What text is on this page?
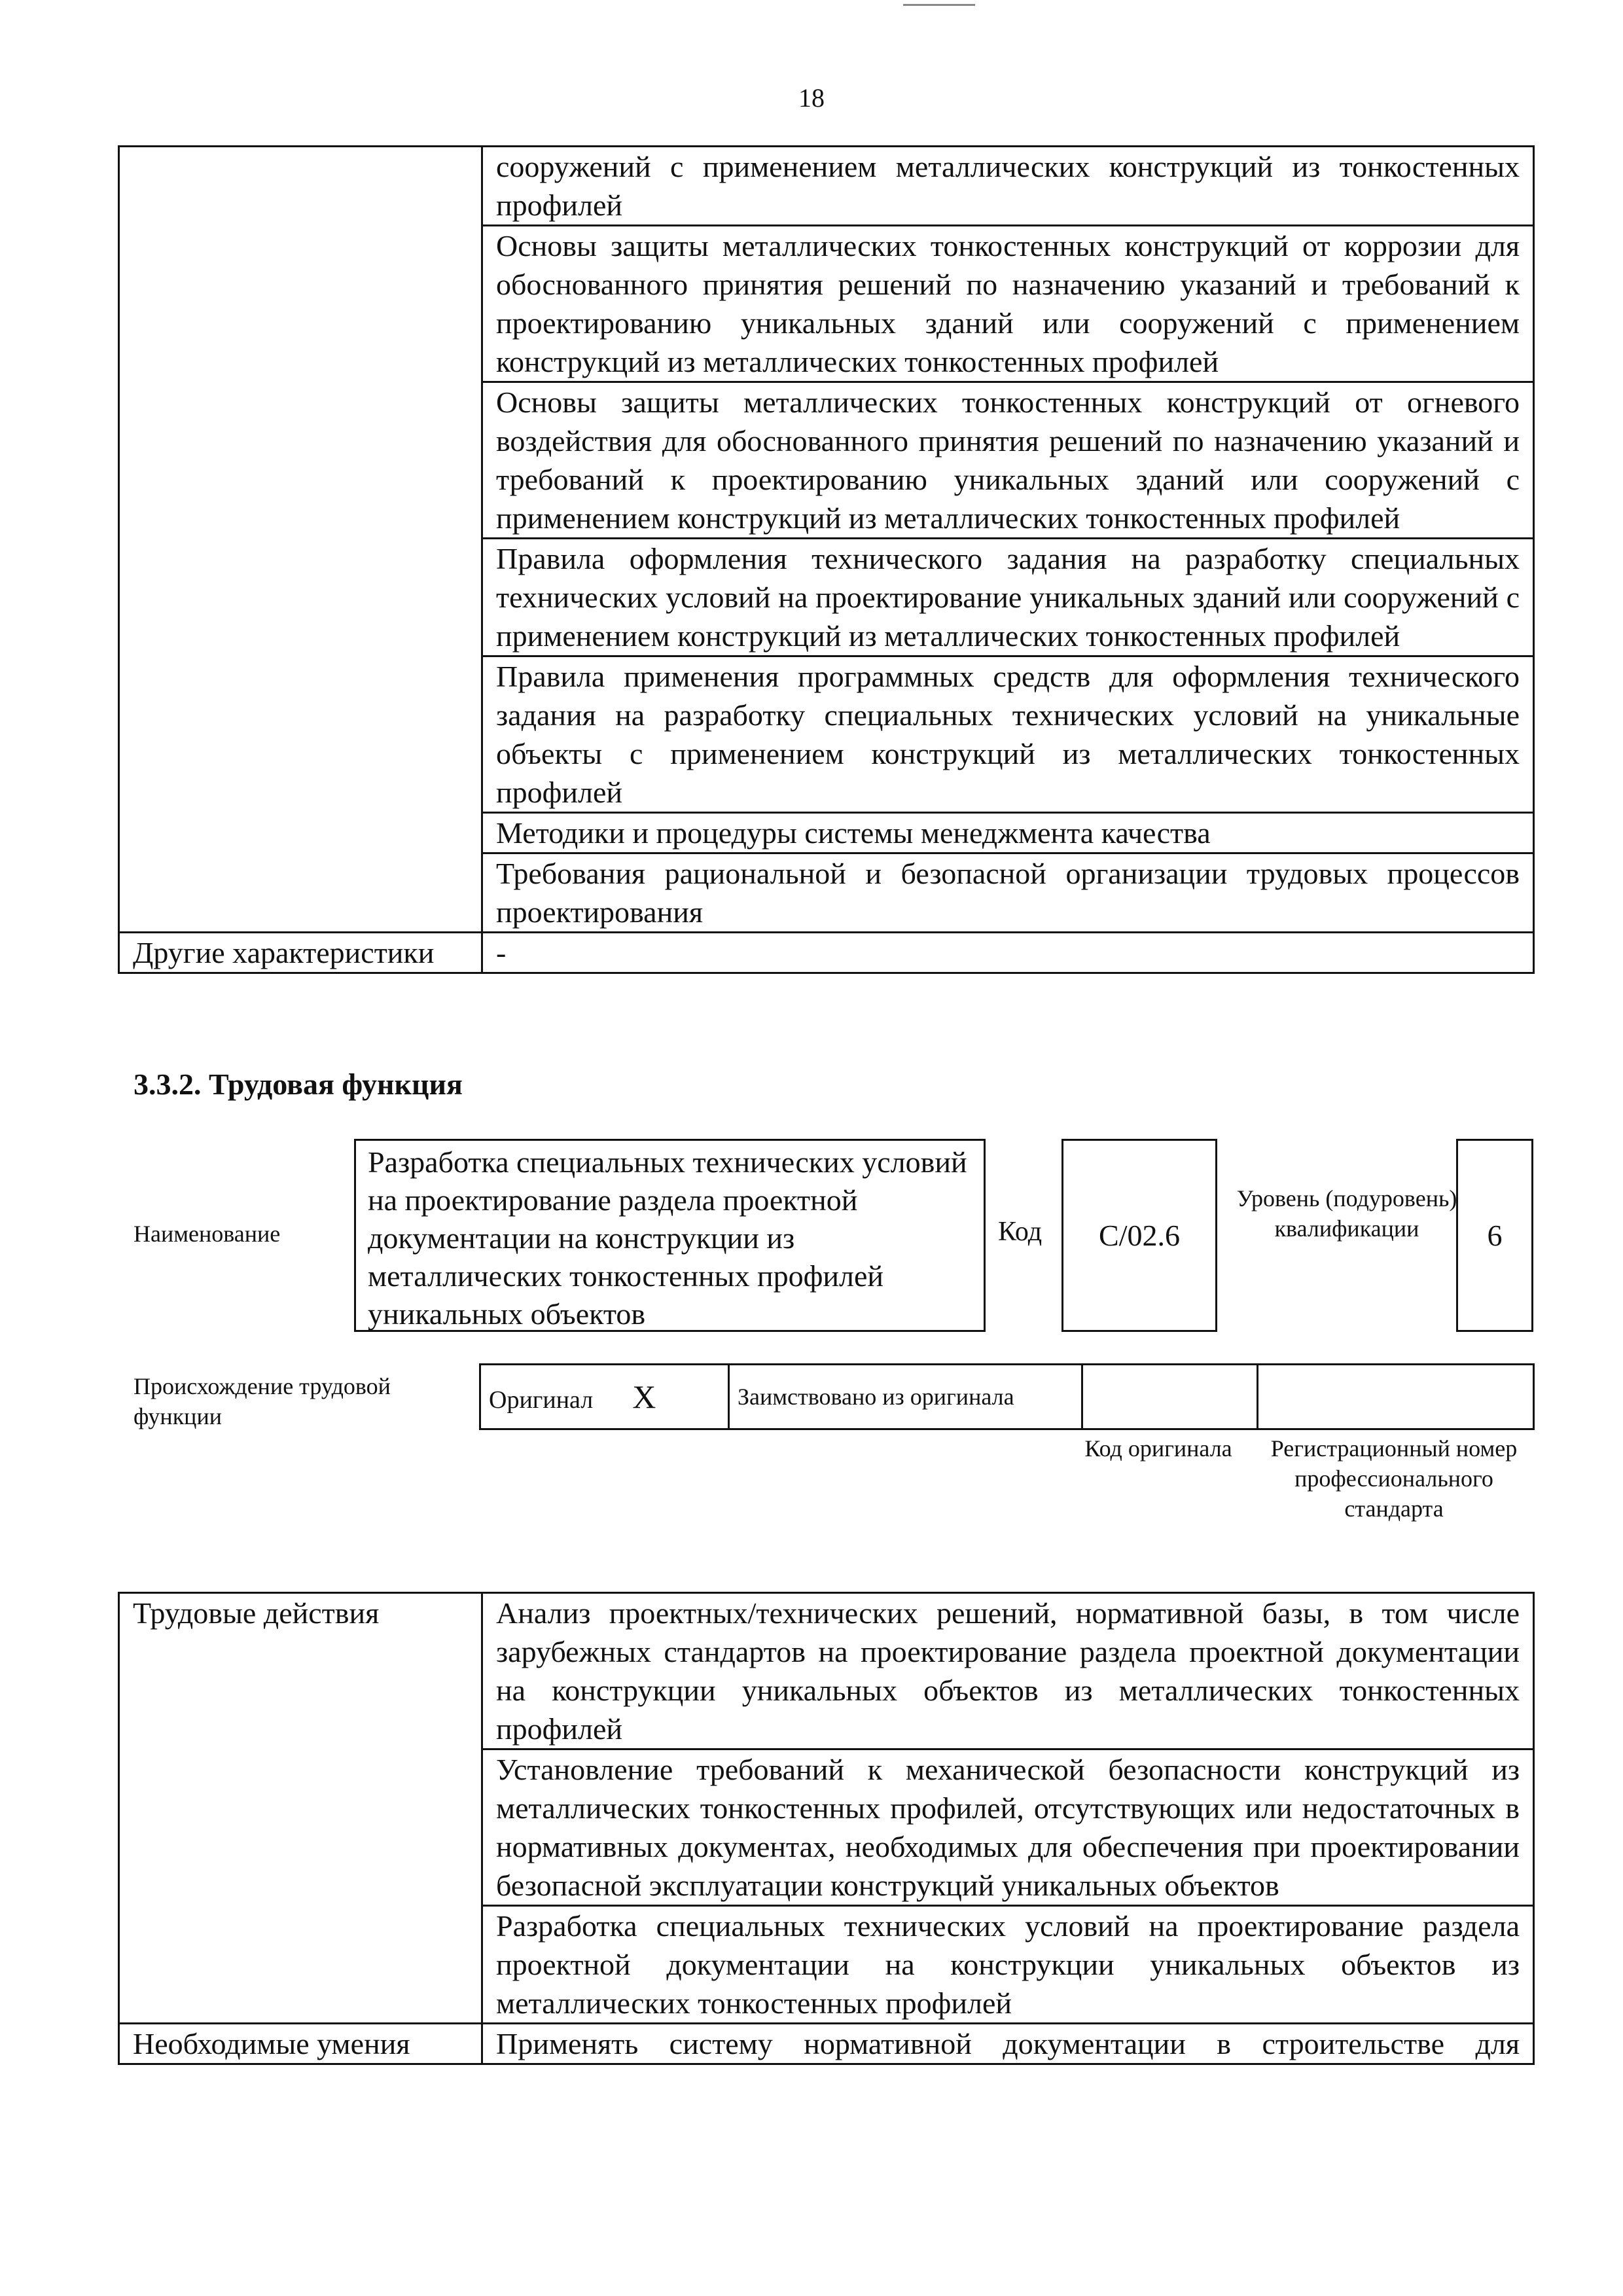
18
	сооружений с применением металлических конструкций из тонкостенных профилей
	Основы защиты металлических тонкостенных конструкций от коррозии для обоснованного принятия решений по назначению указаний и требований к проектированию уникальных зданий или сооружений с применением конструкций из металлических тонкостенных профилей
	Основы защиты металлических тонкостенных конструкций от огневого воздействия для обоснованного принятия решений по назначению указаний и требований к проектированию уникальных зданий или сооружений с применением конструкций из металлических тонкостенных профилей
	Правила оформления технического задания на разработку специальных технических условий на проектирование уникальных зданий или сооружений с применением конструкций из металлических тонкостенных профилей
	Правила применения программных средств для оформления технического задания на разработку специальных технических условий на уникальные объекты с применением конструкций из металлических тонкостенных профилей
	Методики и процедуры системы менеджмента качества
	Требования рациональной и безопасной организации трудовых процессов проектирования
Другие характеристики	-
3.3.2. Трудовая функция
Наименование
Разработка специальных технических условий на проектирование раздела проектной документации на конструкции из металлических тонкостенных профилей уникальных объектов
Код	C/02.6
Уровень (подуровень) квалификации	6
Происхождение трудовой функции
Оригинал X	Заимствовано из оригинала		
Код оригинала	Регистрационный номер профессионального стандарта
Трудовые действия	Анализ проектных/технических решений, нормативной базы, в том числе зарубежных стандартов на проектирование раздела проектной документации на конструкции уникальных объектов из металлических тонкостенных профилей
	Установление требований к механической безопасности конструкций из металлических тонкостенных профилей, отсутствующих или недостаточных в нормативных документах, необходимых для обеспечения при проектировании безопасной эксплуатации конструкций уникальных объектов
	Разработка специальных технических условий на проектирование раздела проектной документации на конструкции уникальных объектов из металлических тонкостенных профилей
Необходимые умения	Применять систему нормативной документации в строительстве для
